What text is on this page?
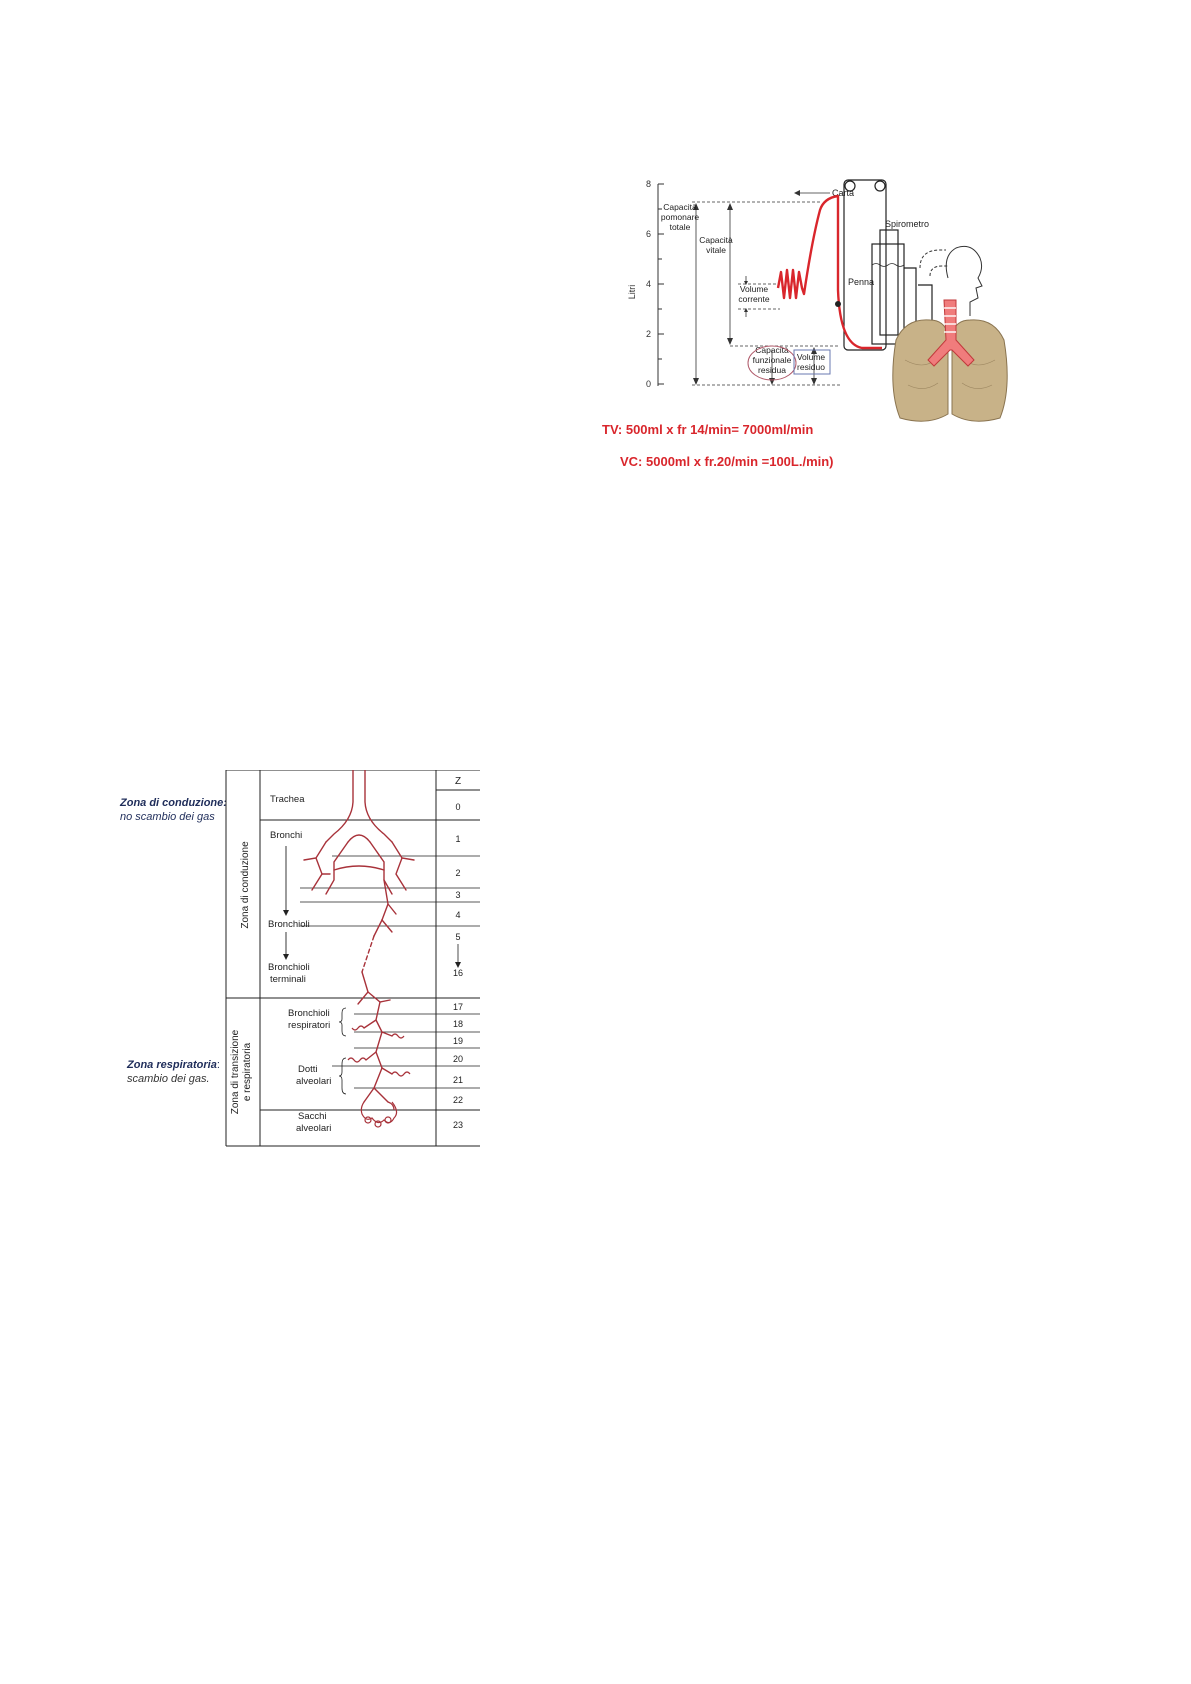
8
6
4
2
0
Litri
Carta
Spirometro
Penna
Capacità
pomonare
totale
Capacità
vitale
Volume
corrente
Capacità
funzionale
residua
Volume
residuo
TV: 500ml x fr 14/min= 7000ml/min
VC: 5000ml x fr.20/min =100L./min)
Zona di conduzione:
no scambio dei gas
Zona respiratoria:
scambio dei gas.
Zona di conduzione
Zona di transizione e respiratoria
Z
0
1
2
3
4
5
16
17
18
19
20
21
22
23
Trachea
Bronchi
Bronchioli
Bronchioli
terminali
Bronchioli
respiratori
Dotti
alveolari
Sacchi
alveolari
